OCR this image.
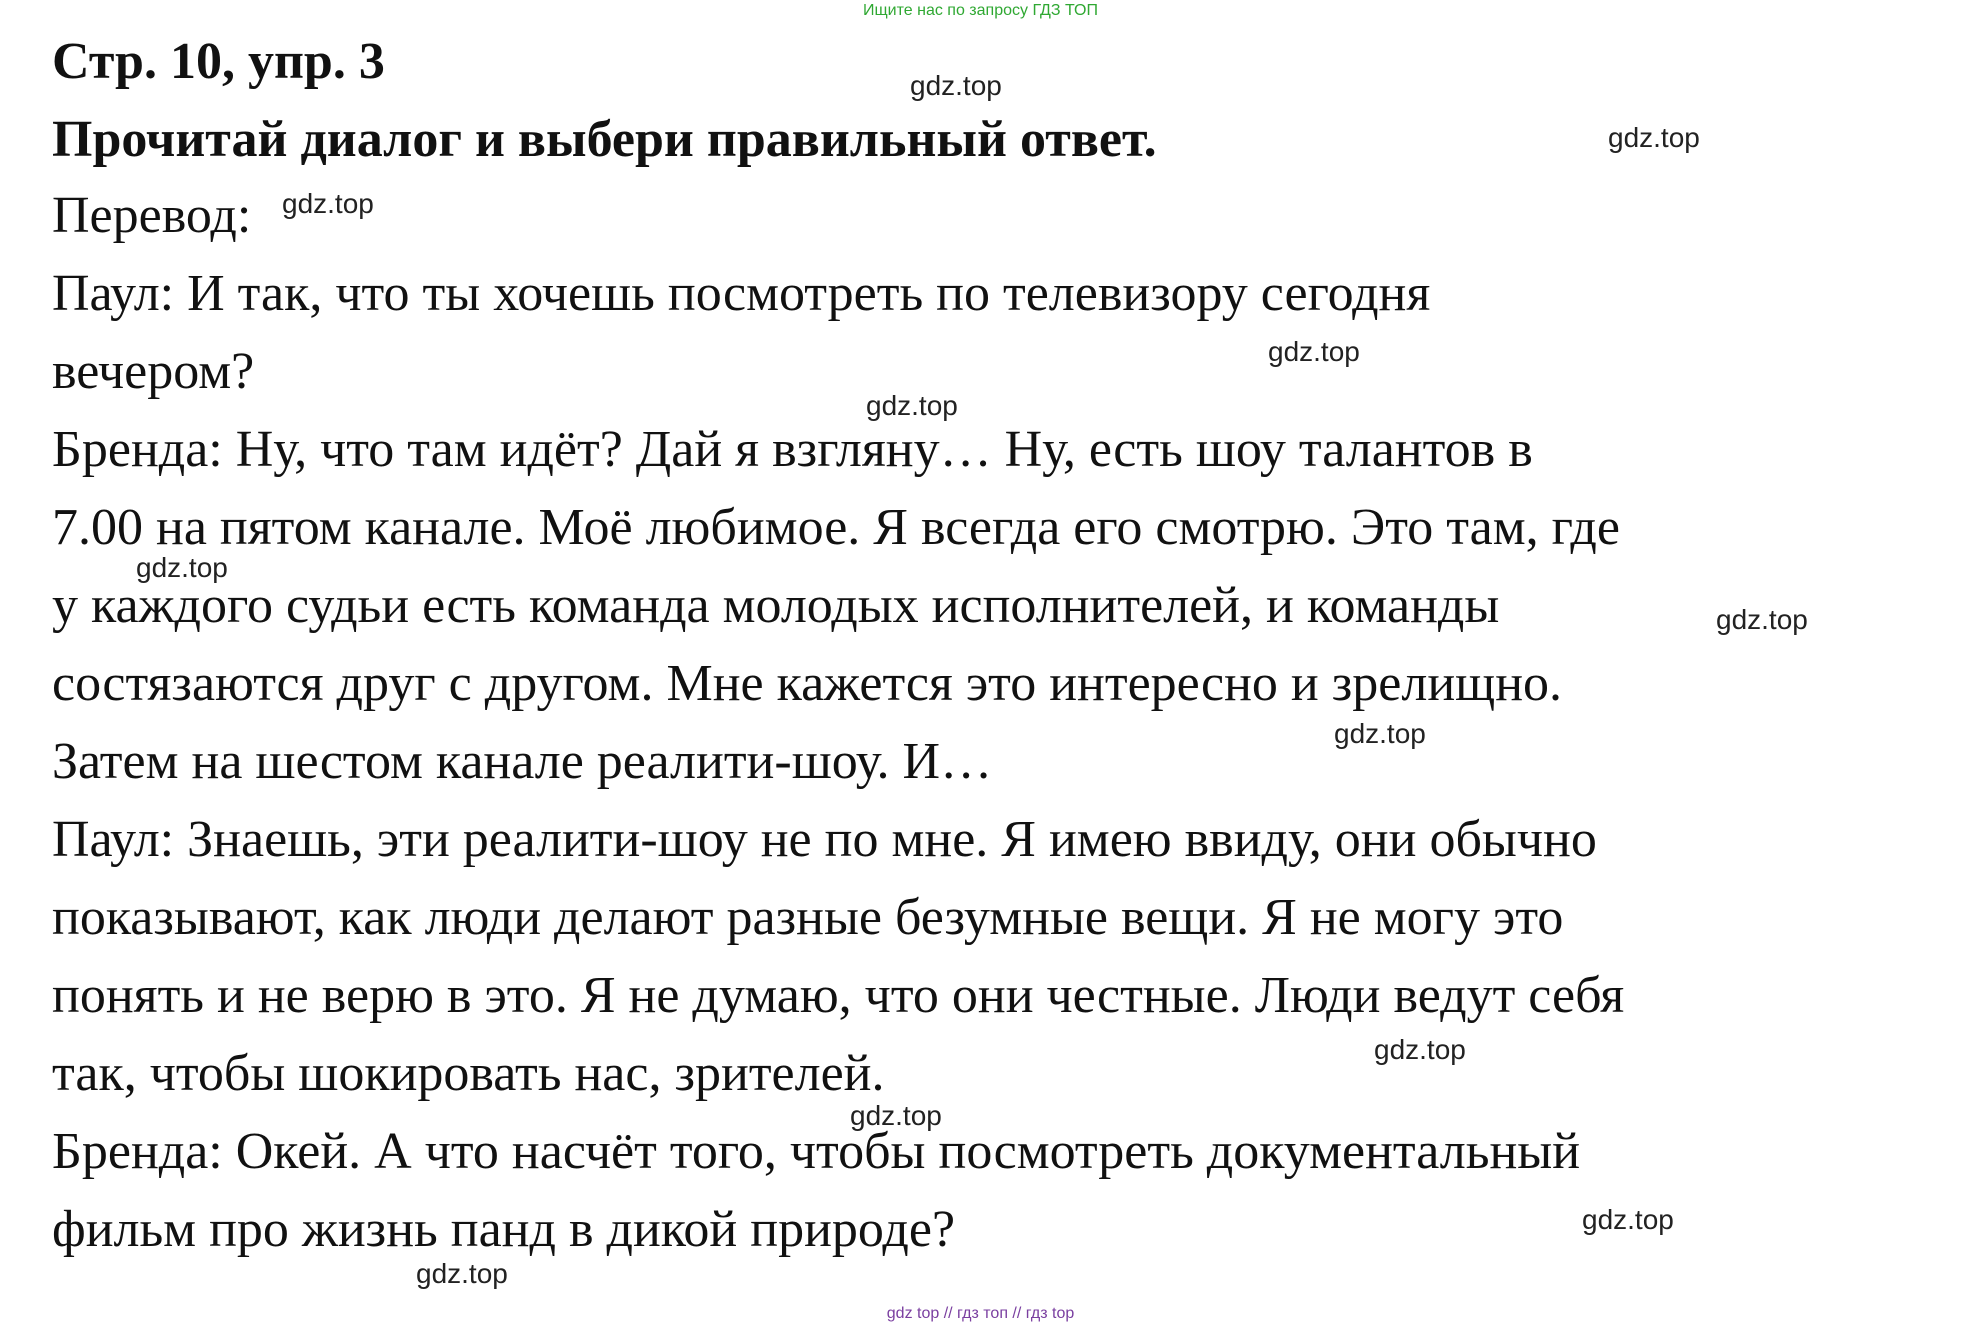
Ищите нас по запросу ГДЗ ТОП
Стр. 10, упр. 3
Прочитай диалог и выбери правильный ответ.
Перевод:
Паул: И так, что ты хочешь посмотреть по телевизору сегодня
вечером?
Бренда: Ну, что там идёт? Дай я взгляну… Ну, есть шоу талантов в
7.00 на пятом канале. Моё любимое. Я всегда его смотрю. Это там, где
у каждого судьи есть команда молодых исполнителей, и команды
состязаются друг с другом. Мне кажется это интересно и зрелищно.
Затем на шестом канале реалити-шоу. И…
Паул: Знаешь, эти реалити-шоу не по мне. Я имею ввиду, они обычно
показывают, как люди делают разные безумные вещи. Я не могу это
понять и не верю в это. Я не думаю, что они честные. Люди ведут себя
так, чтобы шокировать нас, зрителей.
Бренда: Окей. А что насчёт того, чтобы посмотреть документальный
фильм про жизнь панд в дикой природе?
gdz.top
gdz.top
gdz.top
gdz.top
gdz.top
gdz.top
gdz.top
gdz.top
gdz.top
gdz.top
gdz.top
gdz.top
gdz top // гдз топ // гдз top
